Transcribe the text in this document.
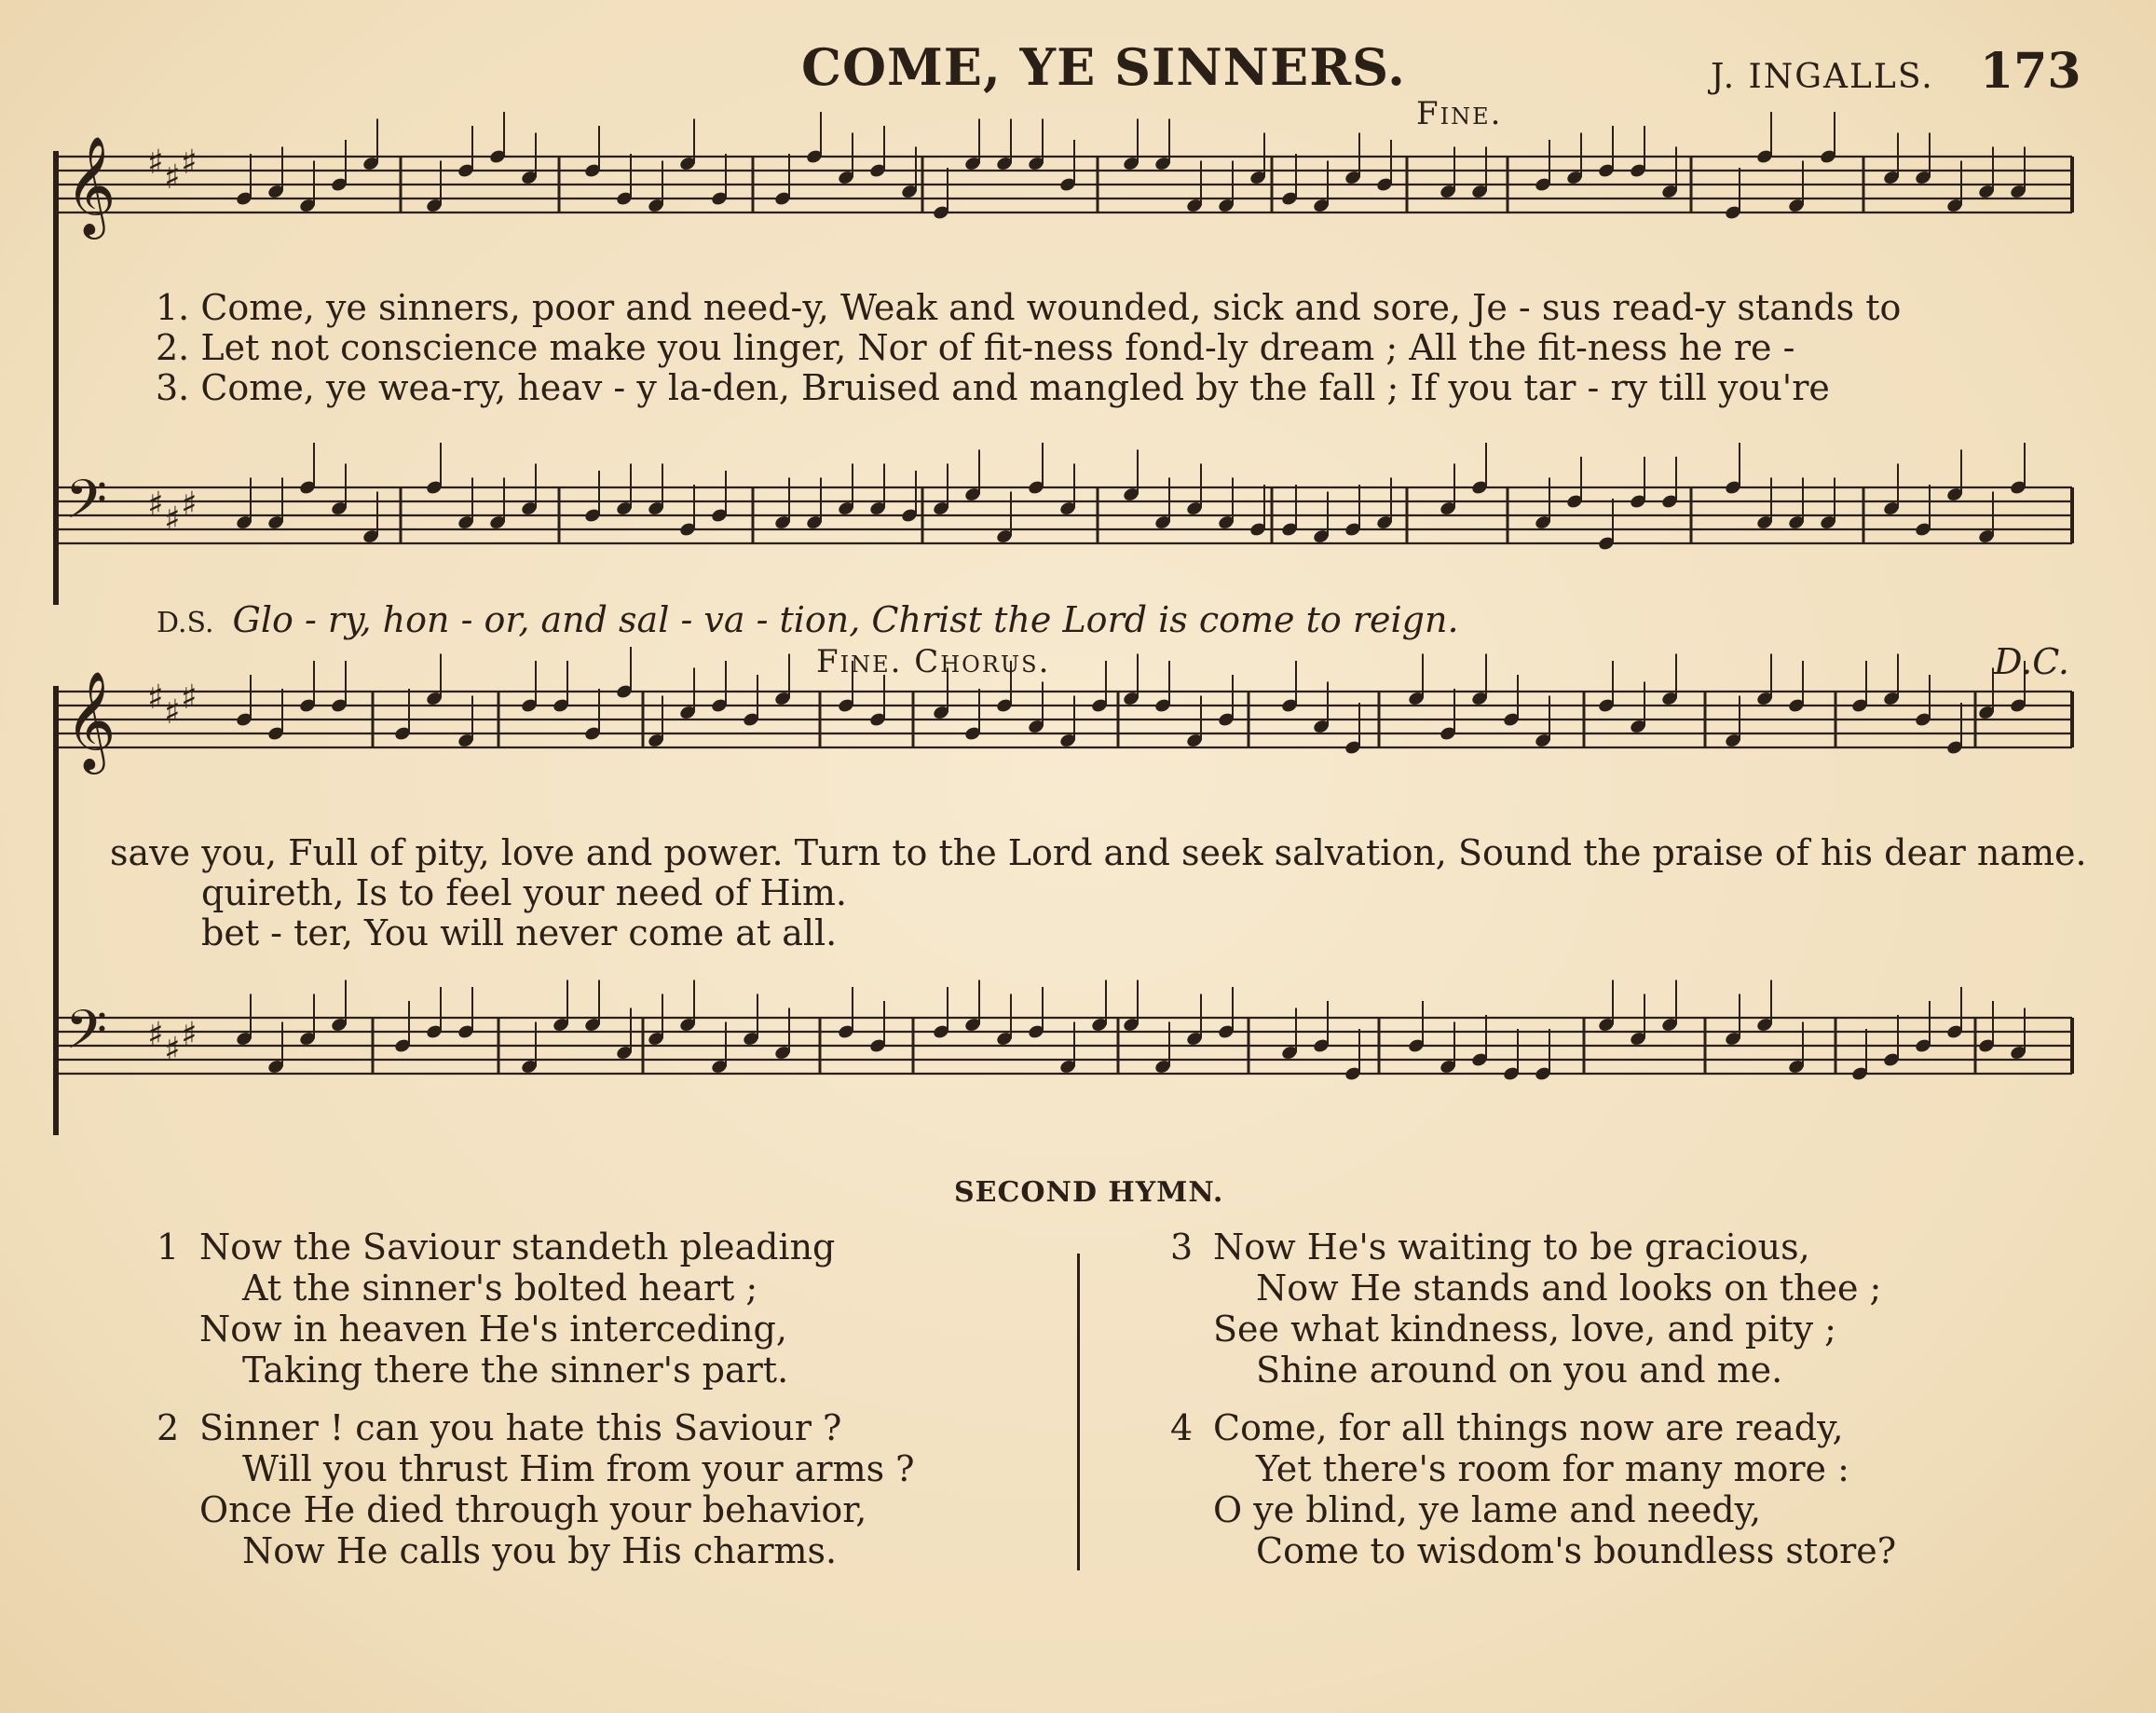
COME, YE SINNERS.	J. INGALLS. 173
Fine.
𝄞 ♯ ♯ ♯
𝄢 ♯ ♯ ♯
𝄞 ♯ ♯ ♯
𝄢 ♯ ♯ ♯
1. Come, ye sinners, poor and need-y, Weak and wounded, sick and sore, Je - sus read-y stands to
2. Let not conscience make you linger, Nor of fit-ness fond-ly dream ; All the fit-ness he re -
3. Come, ye wea-ry, heav - y la-den, Bruised and mangled by the fall ; If you tar - ry till you're
D.S. Glo - ry, hon - or, and sal - va - tion, Christ the Lord is come to reign.
Fine. Chorus.	D.C.
save you, Full of pity, love and power. Turn to the Lord and seek salvation, Sound the praise of his dear name.
quireth, Is to feel your need of Him.
bet - ter, You will never come at all.
SECOND HYMN.
1 Now the Saviour standeth pleading
At the sinner's bolted heart ;
Now in heaven He's interceding,
Taking there the sinner's part.
2 Sinner ! can you hate this Saviour ?
Will you thrust Him from your arms ?
Once He died through your behavior,
Now He calls you by His charms.
3 Now He's waiting to be gracious,
Now He stands and looks on thee ;
See what kindness, love, and pity ;
Shine around on you and me.
4 Come, for all things now are ready,
Yet there's room for many more :
O ye blind, ye lame and needy,
Come to wisdom's boundless store?
